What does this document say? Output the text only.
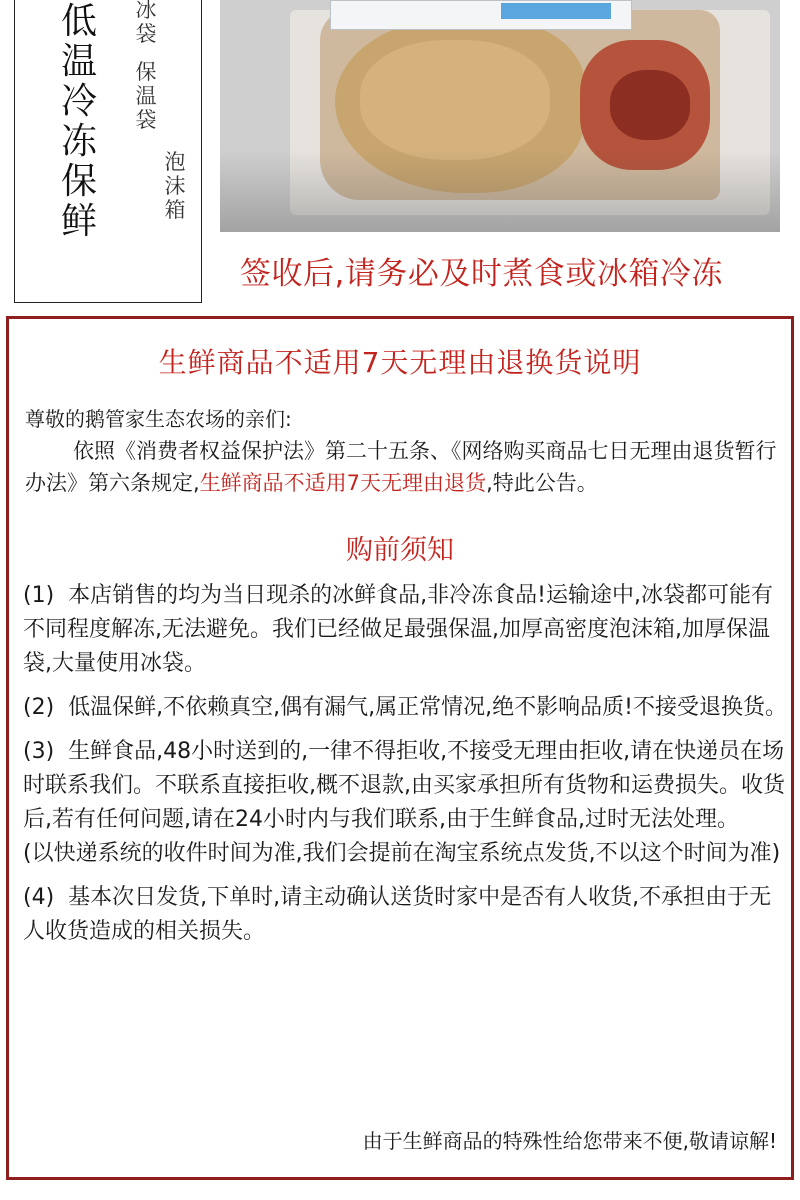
低
温
冷
冻
保
鲜
冰
袋
保
温
袋
泡
沫
箱
签收后,请务必及时煮食或冰箱冷冻
生鲜商品不适用7天无理由退换货说明
尊敬的鹅管家生态农场的亲们:
依照《消费者权益保护法》第二十五条、《网络购买商品七日无理由退货暂行办法》第六条规定,生鲜商品不适用7天无理由退货,特此公告。
购前须知
(1) 本店销售的均为当日现杀的冰鲜食品,非冷冻食品!运输途中,冰袋都可能有不同程度解冻,无法避免。我们已经做足最强保温,加厚高密度泡沫箱,加厚保温袋,大量使用冰袋。
(2) 低温保鲜,不依赖真空,偶有漏气,属正常情况,绝不影响品质!不接受退换货。
(3) 生鲜食品,48小时送到的,一律不得拒收,不接受无理由拒收,请在快递员在场时联系我们。不联系直接拒收,概不退款,由买家承担所有货物和运费损失。收货后,若有任何问题,请在24小时内与我们联系,由于生鲜食品,过时无法处理。
(以快递系统的收件时间为准,我们会提前在淘宝系统点发货,不以这个时间为准)
(4) 基本次日发货,下单时,请主动确认送货时家中是否有人收货,不承担由于无人收货造成的相关损失。
由于生鲜商品的特殊性给您带来不便,敬请谅解!
